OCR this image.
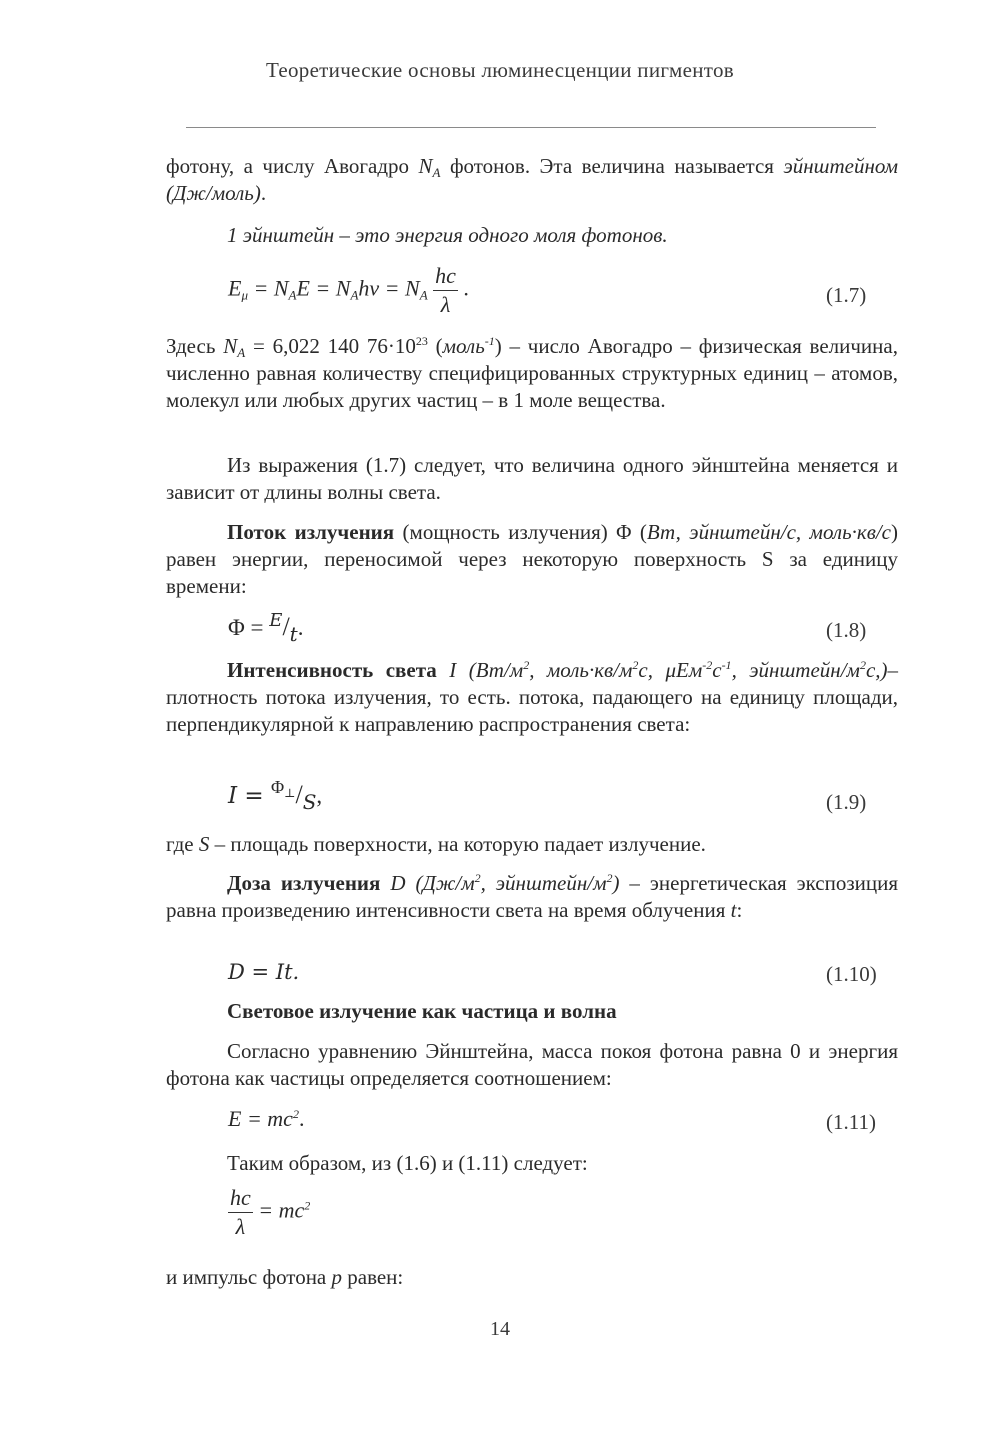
Теоретические основы люминесценции пигментов

фотону, а числу Авогадро $N_A$ фотонов. Эта величина называется эйнштейном (Дж/моль).

1 эйнштейн – это энергия одного моля фотонов.

$E_\mu = N_AE = N_Ah\nu = N_A \frac{hc}{\lambda}$ .	(1.7)

Здесь $N_A = 6,022$ 140 $76\cdot 10^{23}$ (моль$^{-1}$) – число Авогадро – физическая величина, численно равная количеству специфицированных структурных единиц – атомов, молекул или любых других частиц – в 1 моле вещества.

Из выражения (1.7) следует, что величина одного эйнштейна меняется и зависит от длины волны света.

Поток излучения (мощность излучения) Φ (Вт, эйнштейн/с, моль·кв/с) равен энергии, переносимой через некоторую поверхность S за единицу времени:

$\Phi = ^E/_t$.	(1.8)

Интенсивность света I ($Вт/м^2$, $моль\cdot кв/м^2с$, $\mu Eм^{-2}с^{-1}$, эйнштейн/$м^2с,)-$ плотность потока излучения, то есть. потока, падающего на единицу площади, перпендикулярной к направлению распространения света:

$I = ^{\Phi_\perp}/_S$,	(1.9)

где S – площадь поверхности, на которую падает излучение.

Доза излучения D ($Дж/м^2$, эйнштейн/$м^2$) – энергетическая экспозиция равна произведению интенсивности света на время облучения t:

D = It.	(1.10)

Световое излучение как частица и волна

Согласно уравнению Эйнштейна, масса покоя фотона равна 0 и энергия фотона как частицы определяется соотношением:

$E = mc^2$.	(1.11)

Таким образом, из (1.6) и (1.11) следует:

$\frac{hc}{\lambda} = mc^2$

и импульс фотона p равен:

14
